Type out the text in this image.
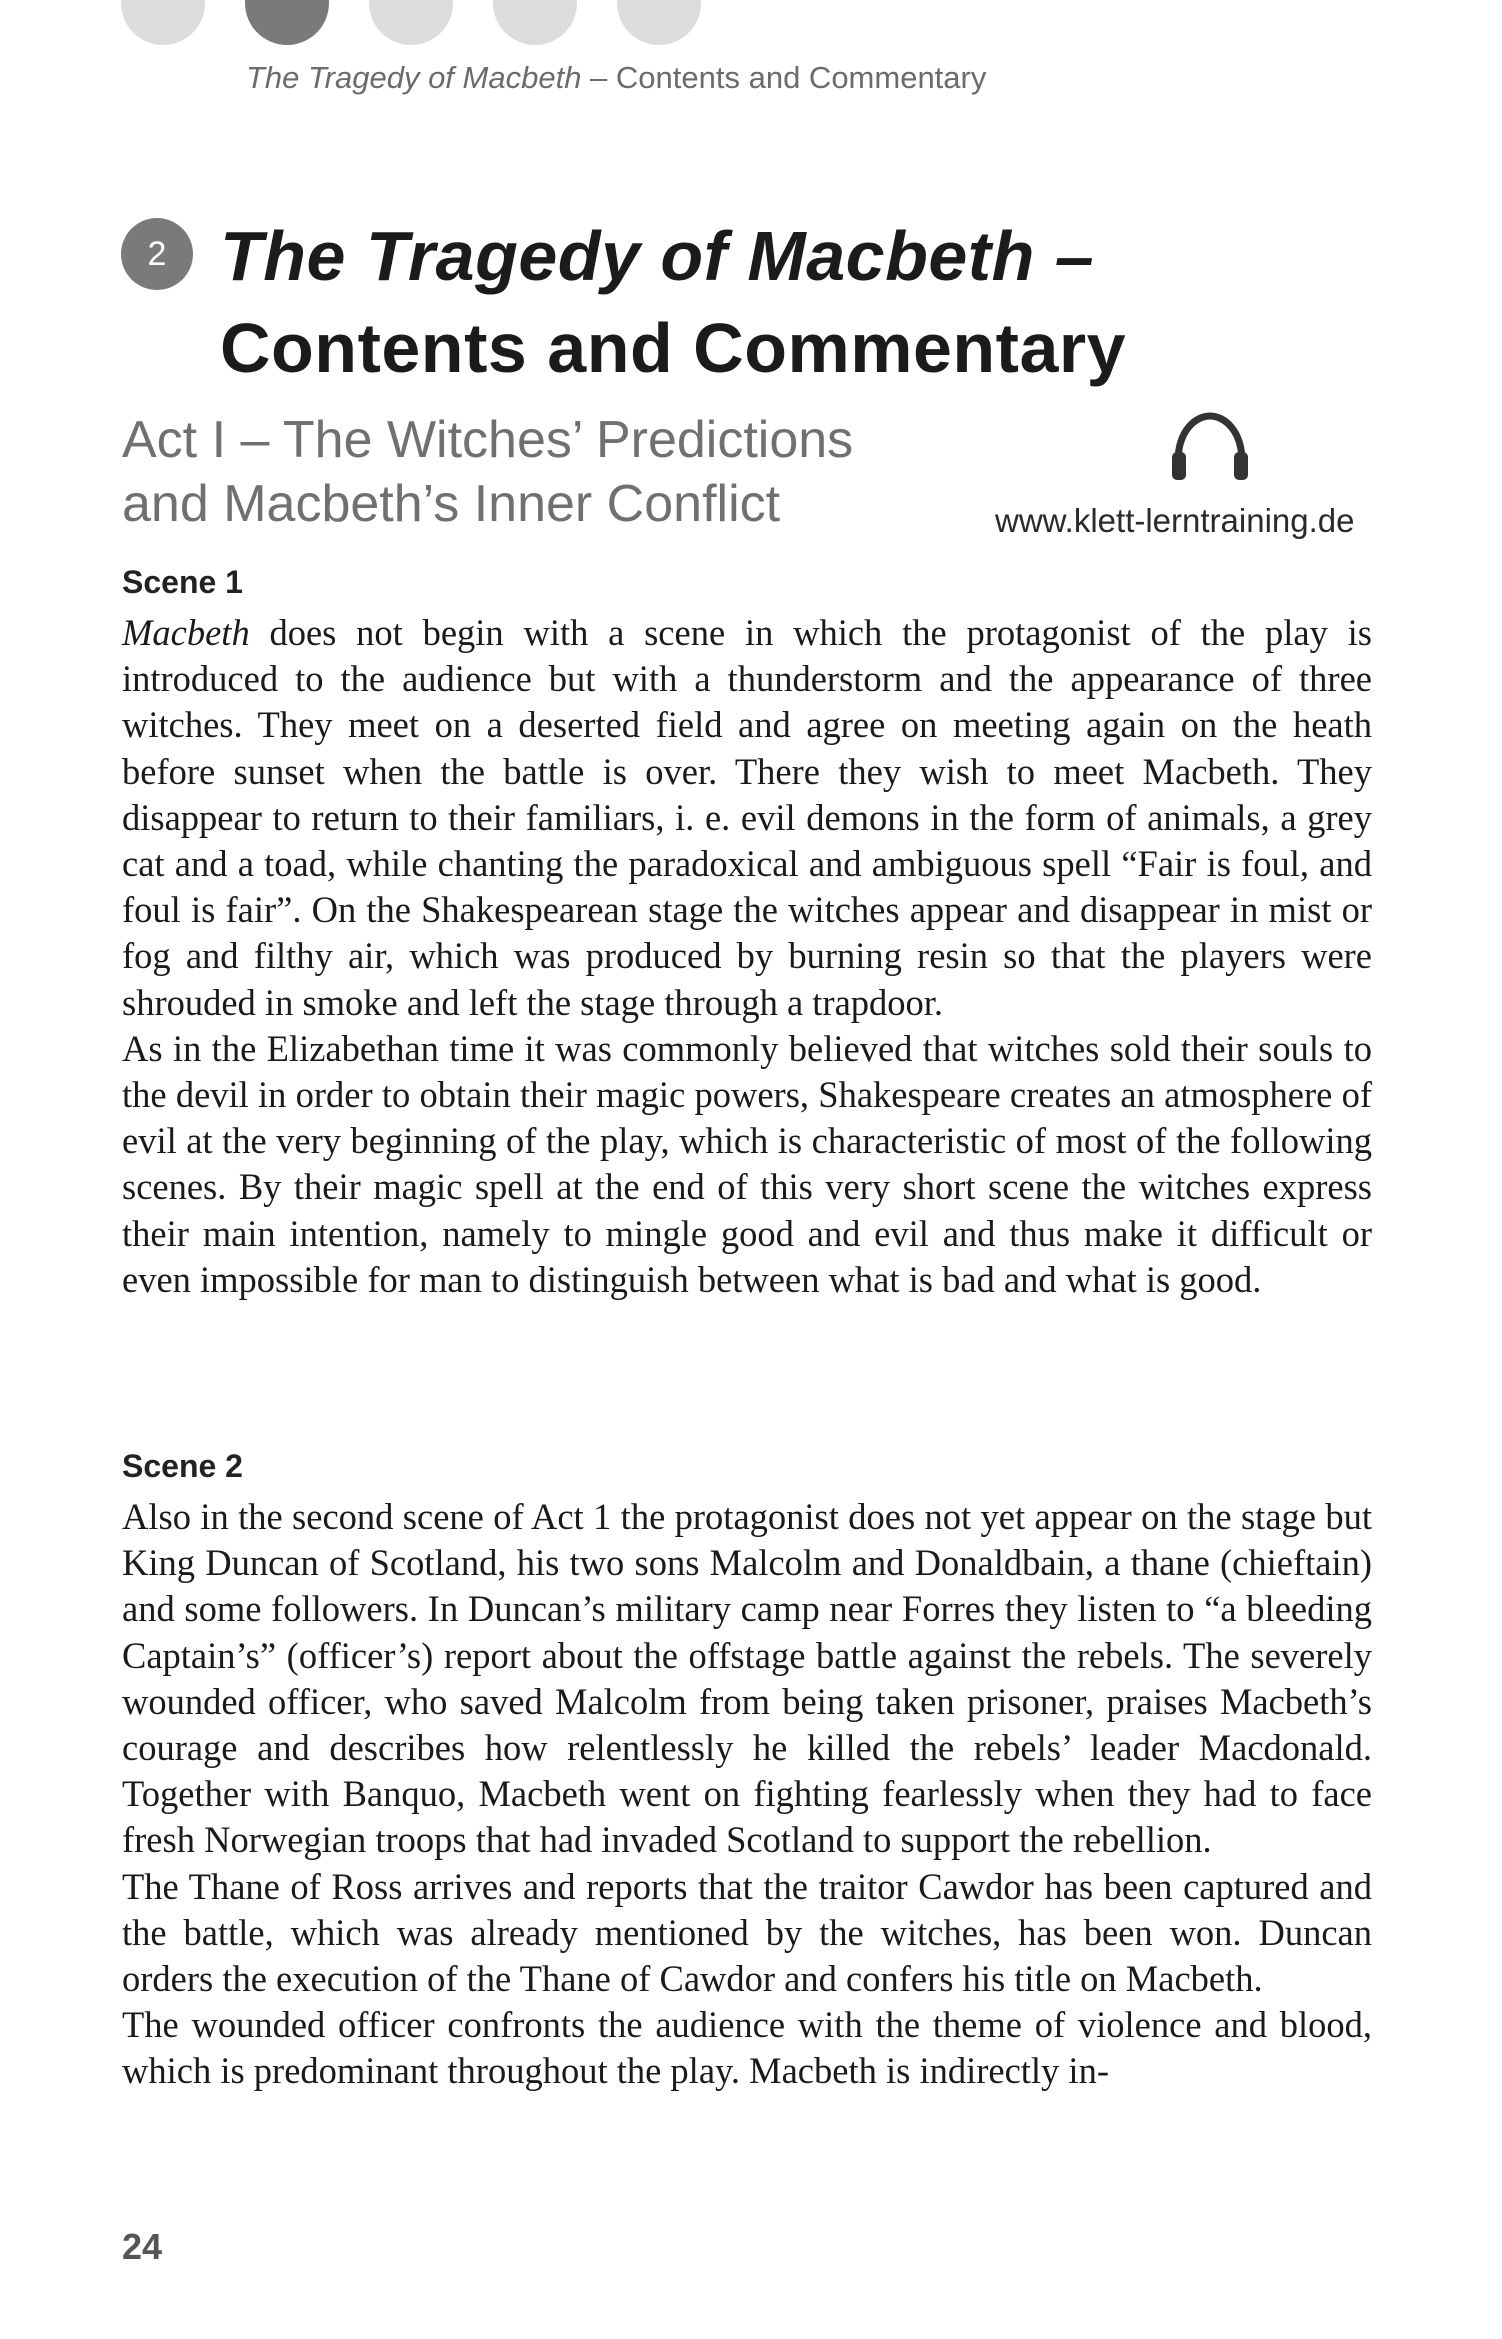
The Tragedy of Macbeth – Contents and Commentary
2 The Tragedy of Macbeth –
Contents and Commentary
Act I – The Witches’ Predictions
and Macbeth’s Inner Conflict	www.klett-lerntraining.de
Scene 1

Macbeth does not begin with a scene in which the protagonist of the play is introduced to the audience but with a thunderstorm and the appearance of three witches. They meet on a deserted field and agree on meeting again on the heath before sunset when the battle is over. There they wish to meet Macbeth. They disappear to return to their familiars, i. e. evil demons in the form of animals, a grey cat and a toad, while chanting the paradoxical and ambiguous spell “Fair is foul, and foul is fair”. On the Shakespearean stage the witches appear and disappear in mist or fog and filthy air, which was produced by burning resin so that the players were shrouded in smoke and left the stage through a trapdoor.

As in the Elizabethan time it was commonly believed that witches sold their souls to the devil in order to obtain their magic powers, Shakespeare creates an atmosphere of evil at the very beginning of the play, which is characteristic of most of the following scenes. By their magic spell at the end of this very short scene the witches express their main intention, namely to mingle good and evil and thus make it difficult or even impossible for man to distinguish between what is bad and what is good.

Scene 2

Also in the second scene of Act 1 the protagonist does not yet appear on the stage but King Duncan of Scotland, his two sons Malcolm and Donaldbain, a thane (chieftain) and some followers. In Duncan’s military camp near Forres they listen to “a bleeding Captain’s” (officer’s) report about the offstage battle against the rebels. The severely wounded officer, who saved Malcolm from being taken prisoner, praises Macbeth’s courage and describes how relentlessly he killed the rebels’ leader Macdonald. Together with Banquo, Macbeth went on fighting fearlessly when they had to face fresh Norwegian troops that had invaded Scotland to support the rebellion.

The Thane of Ross arrives and reports that the traitor Cawdor has been captured and the battle, which was already mentioned by the witches, has been won. Duncan orders the execution of the Thane of Cawdor and confers his title on Macbeth.

The wounded officer confronts the audience with the theme of violence and blood, which is predominant throughout the play. Macbeth is indirectly in-

24
